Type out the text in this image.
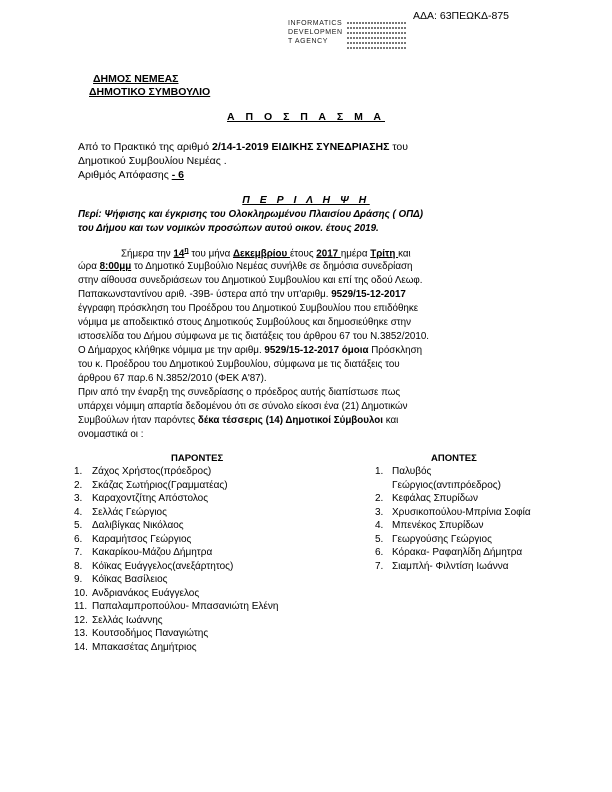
ΑΔΑ: 63ΠΕΩΚΔ-875
INFORMATICS
DEVELOPMEN
T AGENCY
ΔΗΜΟΣ ΝΕΜΕΑΣ
ΔΗΜΟΤΙΚΟ ΣΥΜΒΟΥΛΙΟ
Α Π Ο Σ Π Α Σ Μ Α
Από το Πρακτικό της αριθμό 2/14-1-2019 ΕΙΔΙΚΗΣ ΣΥΝΕΔΡΙΑΣΗΣ του
Δημοτικού Συμβουλίου Νεμέας .
Αριθμός Απόφασης - 6
Π Ε Ρ Ι Λ Η Ψ Η
Περί: Ψήφισης και έγκρισης του Ολοκληρωμένου Πλαισίου Δράσης ( ΟΠΔ)
του Δήμου και των νομικών προσώπων αυτού οικον. έτους 2019.
Σήμερα την $14^\eta$ του μήνα Δεκεμβρίου έτους 2017 ημέρα Τρίτη και
ώρα 8:00μμ το Δημοτικό Συμβούλιο Νεμέας συνήλθε σε δημόσια συνεδρίαση
στην αίθουσα συνεδριάσεων του Δημοτικού Συμβουλίου και επί της οδού Λεωφ.
Παπακωνσταντίνου αριθ. -39Β- ύστερα από την υπ'αριθμ. 9529/15-12-2017
έγγραφη πρόσκληση του Προέδρου του Δημοτικού Συμβουλίου που επιδόθηκε
νόμιμα με αποδεικτικό στους Δημοτικούς Συμβούλους και δημοσιεύθηκε στην
ιστοσελίδα του Δήμου σύμφωνα με τις διατάξεις του άρθρου 67 του Ν.3852/2010.
Ο Δήμαρχος κλήθηκε νόμιμα με την αριθμ. 9529/15-12-2017 όμοια Πρόσκληση
του κ. Προέδρου του Δημοτικού Συμβουλίου, σύμφωνα με τις διατάξεις του
άρθρου 67 παρ.6 Ν.3852/2010 (ΦΕΚ Α'87).
Πριν από την έναρξη της συνεδρίασης ο πρόεδρος αυτής διαπίστωσε πως
υπάρχει νόμιμη απαρτία δεδομένου ότι σε σύνολο είκοσι ένα (21) Δημοτικών
Συμβούλων ήταν παρόντες δέκα τέσσερις (14) Δημοτικοί Σύμβουλοι και
ονομαστικά οι :
ΠΑΡΟΝΤΕΣ
1. Ζάχος Χρήστος(πρόεδρος)
2. Σκάζας Σωτήριος(Γραμματέας)
3. Καραχοντζίτης Απόστολος
4. Σελλάς Γεώργιος
5. Δαλιβίγκας Νικόλαος
6. Καραμήτσος Γεώργιος
7. Κακαρίκου-Μάζου Δήμητρα
8. Κόϊκας Ευάγγελος(ανεξάρτητος)
9. Κόϊκας Βασίλειος
10. Ανδριανάκος Ευάγγελος
11. Παπαλαμπροπούλου- Μπασανιώτη Ελένη
12. Σελλάς Ιωάννης
13. Κουτσοδήμος Παναγιώτης
14. Μπακασέτας Δημήτριος
ΑΠΟΝΤΕΣ
1. Παλυβός
Γεώργιος(αντιπρόεδρος)
2. Κεφάλας Σπυρίδων
3. Χρυσικοπούλου-Μπρίνια Σοφία
4. Μπενέκος Σπυρίδων
5. Γεωργούσης Γεώργιος
6. Κόρακα- Ραφαηλίδη Δήμητρα
7. Σιαμπλή- Φιλντίση Ιωάννα
